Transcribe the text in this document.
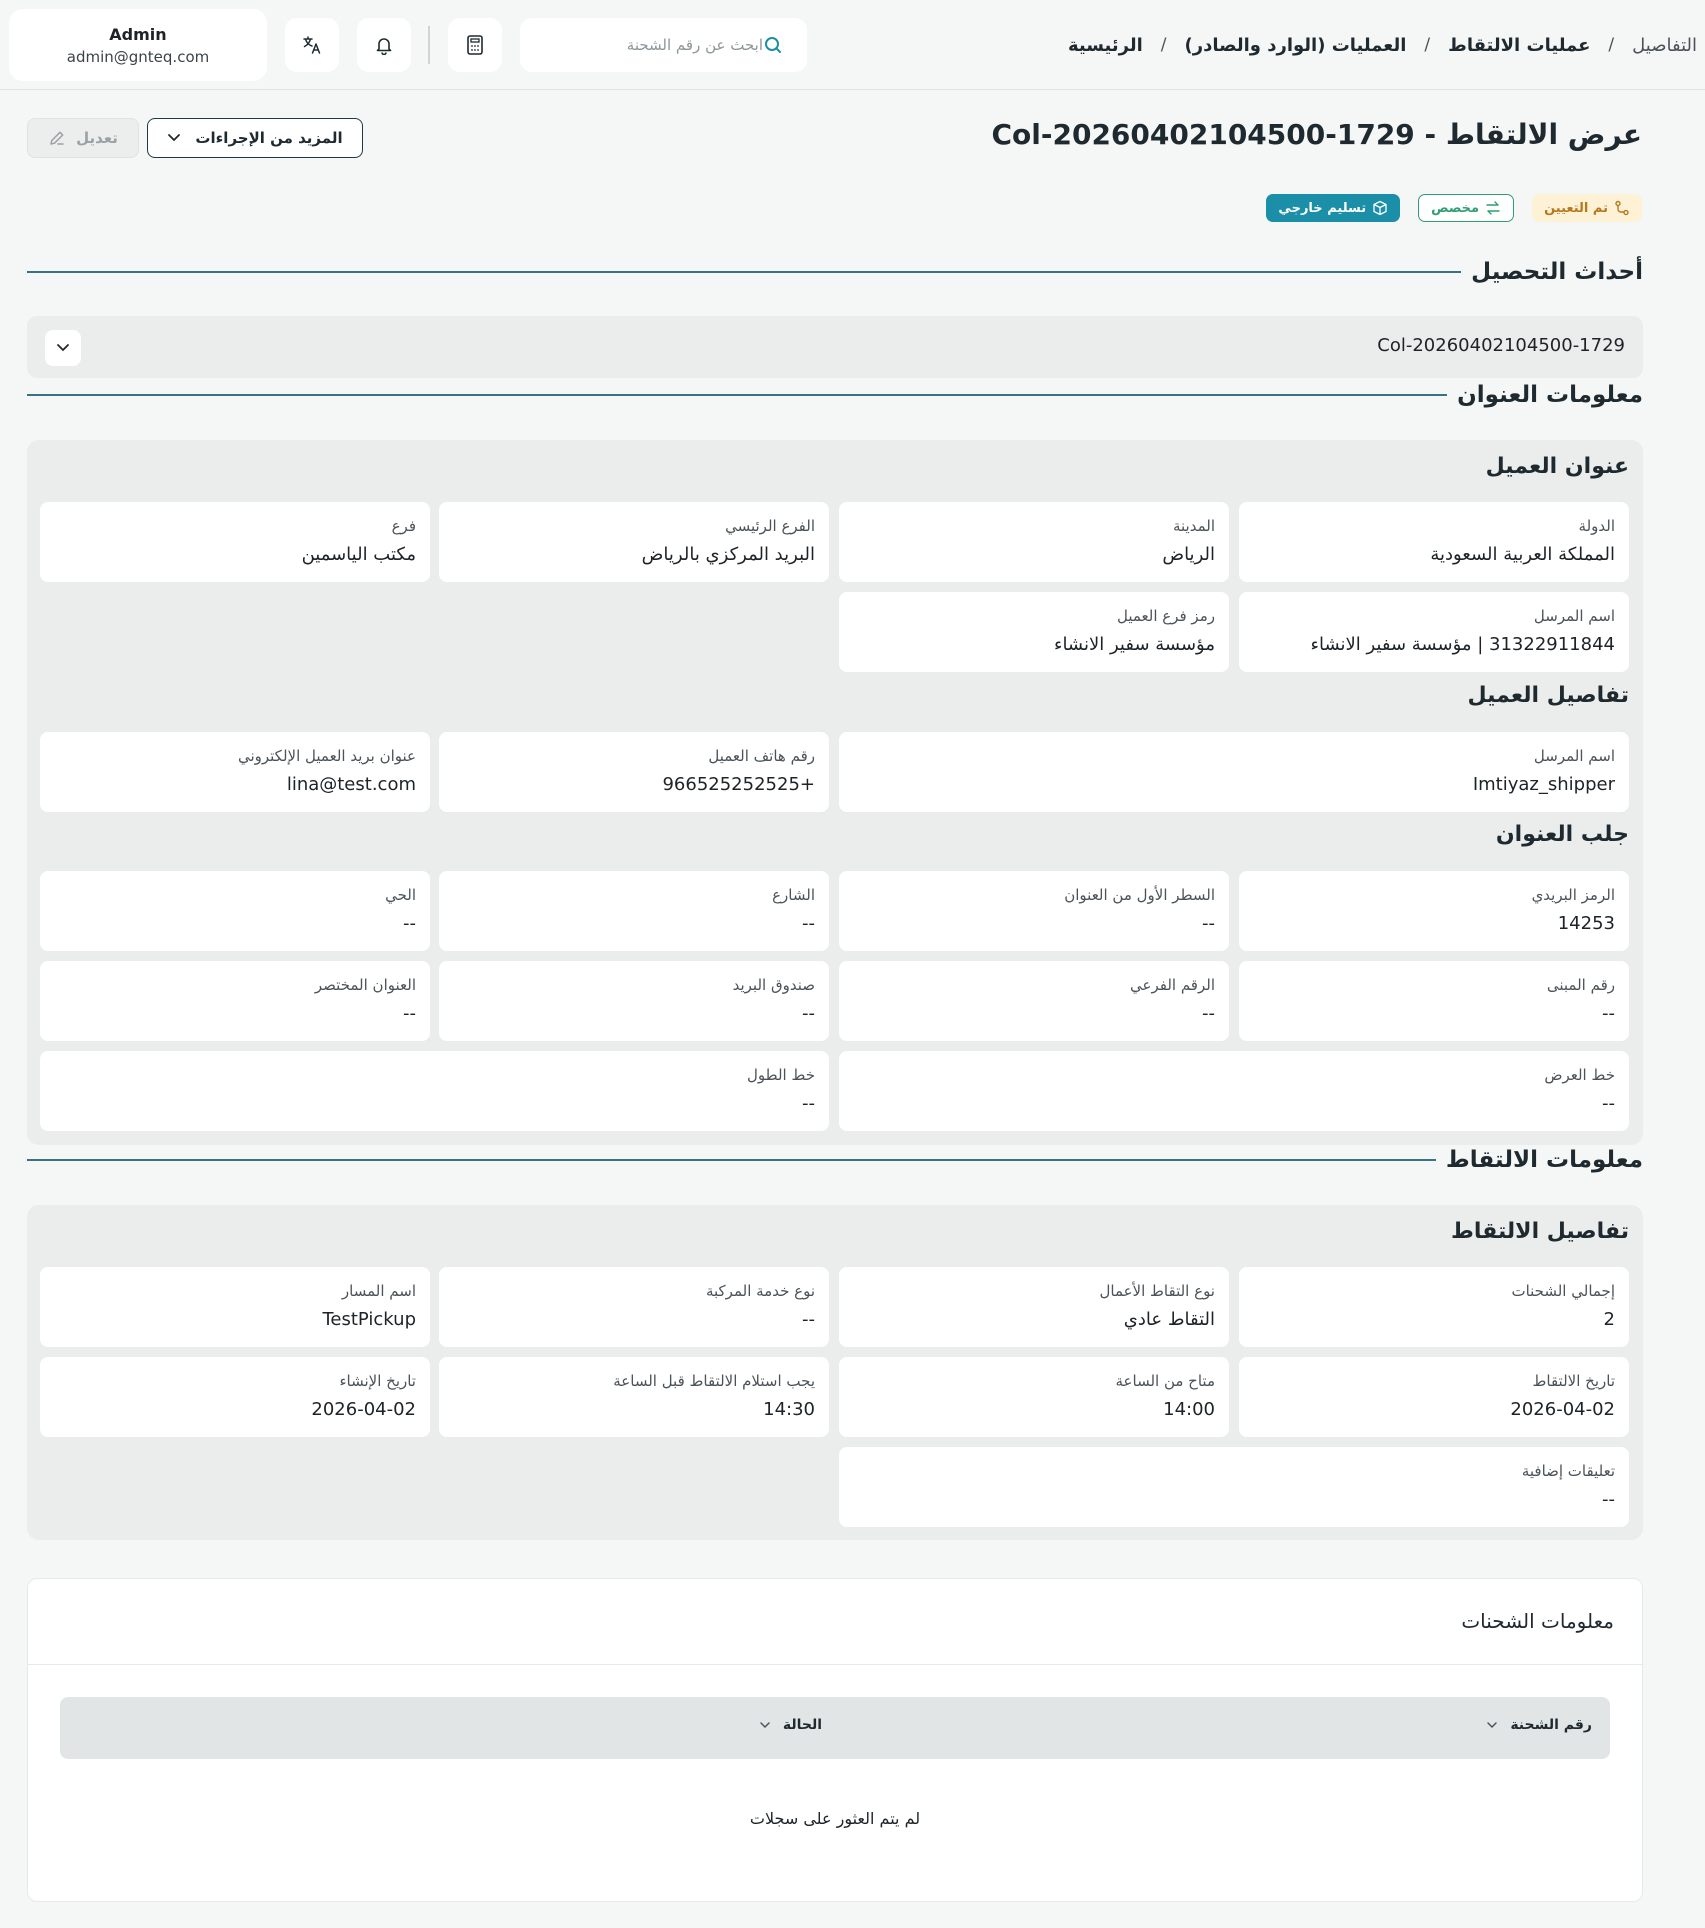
الرئيسية / العمليات (الوارد والصادر) / عمليات الالتقاط / التفاصيل
ابحث عن رقم الشحنة
Admin
admin@gnteq.com
عرض الالتقاط - Col-20260402104500-1729
المزيد من الإجراءات
تعديل
تم التعيين
مخصص
تسليم خارجي
أحداث التحصيل
Col-20260402104500-1729
معلومات العنوان
عنوان العميل
الدولة
المملكة العربية السعودية
المدينة
الرياض
الفرع الرئيسي
البريد المركزي بالرياض
فرع
مكتب الياسمين
اسم المرسل
31322911844 | مؤسسة سفير الانشاء
رمز فرع العميل
مؤسسة سفير الانشاء
تفاصيل العميل
اسم المرسل
Imtiyaz_shipper
رقم هاتف العميل
+966525252525
عنوان بريد العميل الإلكتروني
lina@test.com
جلب العنوان
الرمز البريدي
14253
السطر الأول من العنوان
--
الشارع
--
الحي
--
رقم المبنى
--
الرقم الفرعي
--
صندوق البريد
--
العنوان المختصر
--
خط العرض
--
خط الطول
--
معلومات الالتقاط
تفاصيل الالتقاط
إجمالي الشحنات
2
نوع التقاط الأعمال
التقاط عادي
نوع خدمة المركبة
--
اسم المسار
TestPickup
تاريخ الالتقاط
2026-04-02
متاح من الساعة
14:00
يجب استلام الالتقاط قبل الساعة
14:30
تاريخ الإنشاء
2026-04-02
تعليقات إضافية
--
معلومات الشحنات
رقم الشحنة
الحالة
لم يتم العثور على سجلات
